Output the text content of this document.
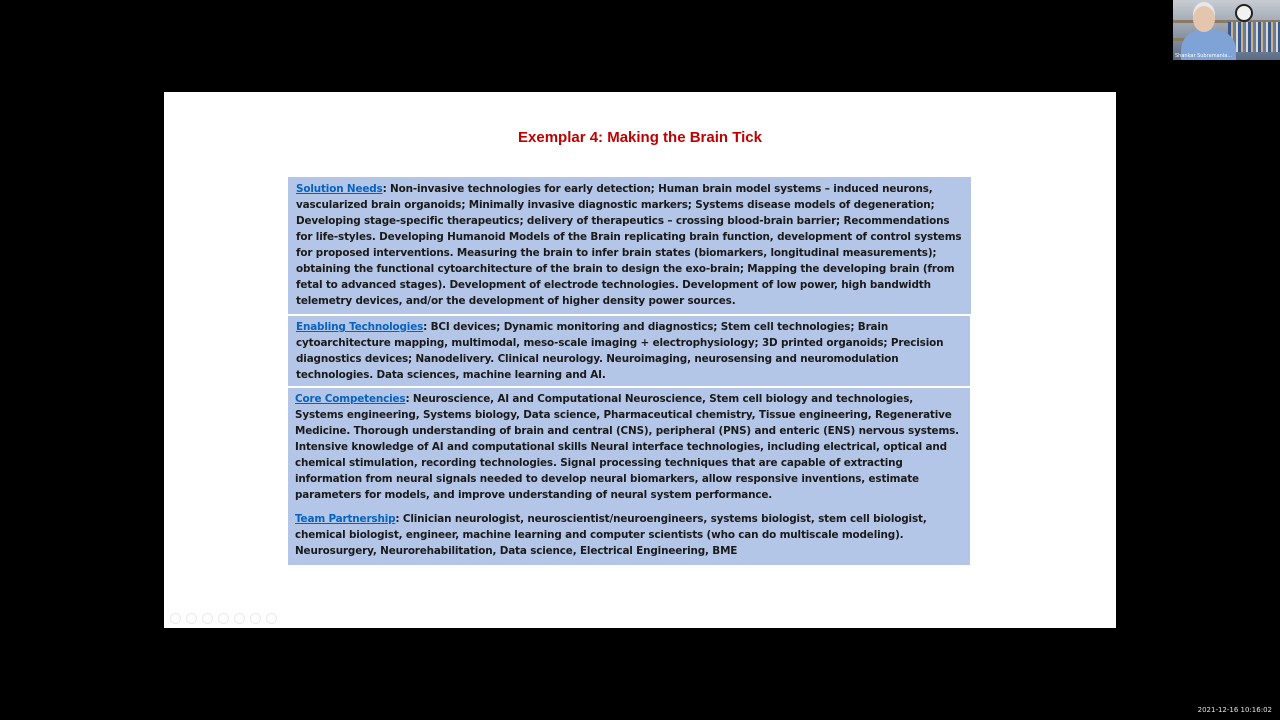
Exemplar 4: Making the Brain Tick

Solution Needs: Non-invasive technologies for early detection; Human brain model systems – induced neurons, vascularized brain organoids; Minimally invasive diagnostic markers; Systems disease models of degeneration; Developing stage-specific therapeutics; delivery of therapeutics – crossing blood-brain barrier; Recommendations for life-styles. Developing Humanoid Models of the Brain replicating brain function, development of control systems for proposed interventions. Measuring the brain to infer brain states (biomarkers, longitudinal measurements); obtaining the functional cytoarchitecture of the brain to design the exo-brain; Mapping the developing brain (from fetal to advanced stages). Development of electrode technologies. Development of low power, high bandwidth telemetry devices, and/or the development of higher density power sources.

Enabling Technologies: BCI devices; Dynamic monitoring and diagnostics; Stem cell technologies; Brain cytoarchitecture mapping, multimodal, meso-scale imaging + electrophysiology; 3D printed organoids; Precision diagnostics devices; Nanodelivery. Clinical neurology. Neuroimaging, neurosensing and neuromodulation technologies. Data sciences, machine learning and AI.

Core Competencies: Neuroscience, AI and Computational Neuroscience, Stem cell biology and technologies, Systems engineering, Systems biology, Data science, Pharmaceutical chemistry, Tissue engineering, Regenerative Medicine. Thorough understanding of brain and central (CNS), peripheral (PNS) and enteric (ENS) nervous systems. Intensive knowledge of AI and computational skills Neural interface technologies, including electrical, optical and chemical stimulation, recording technologies. Signal processing techniques that are capable of extracting information from neural signals needed to develop neural biomarkers, allow responsive inventions, estimate parameters for models, and improve understanding of neural system performance.

Team Partnership: Clinician neurologist, neuroscientist/neuroengineers, systems biologist, stem cell biologist, chemical biologist, engineer, machine learning and computer scientists (who can do multiscale modeling). Neurosurgery, Neurorehabilitation, Data science, Electrical Engineering, BME

Shankar Subramania...
2021-12-16 10:16:02
